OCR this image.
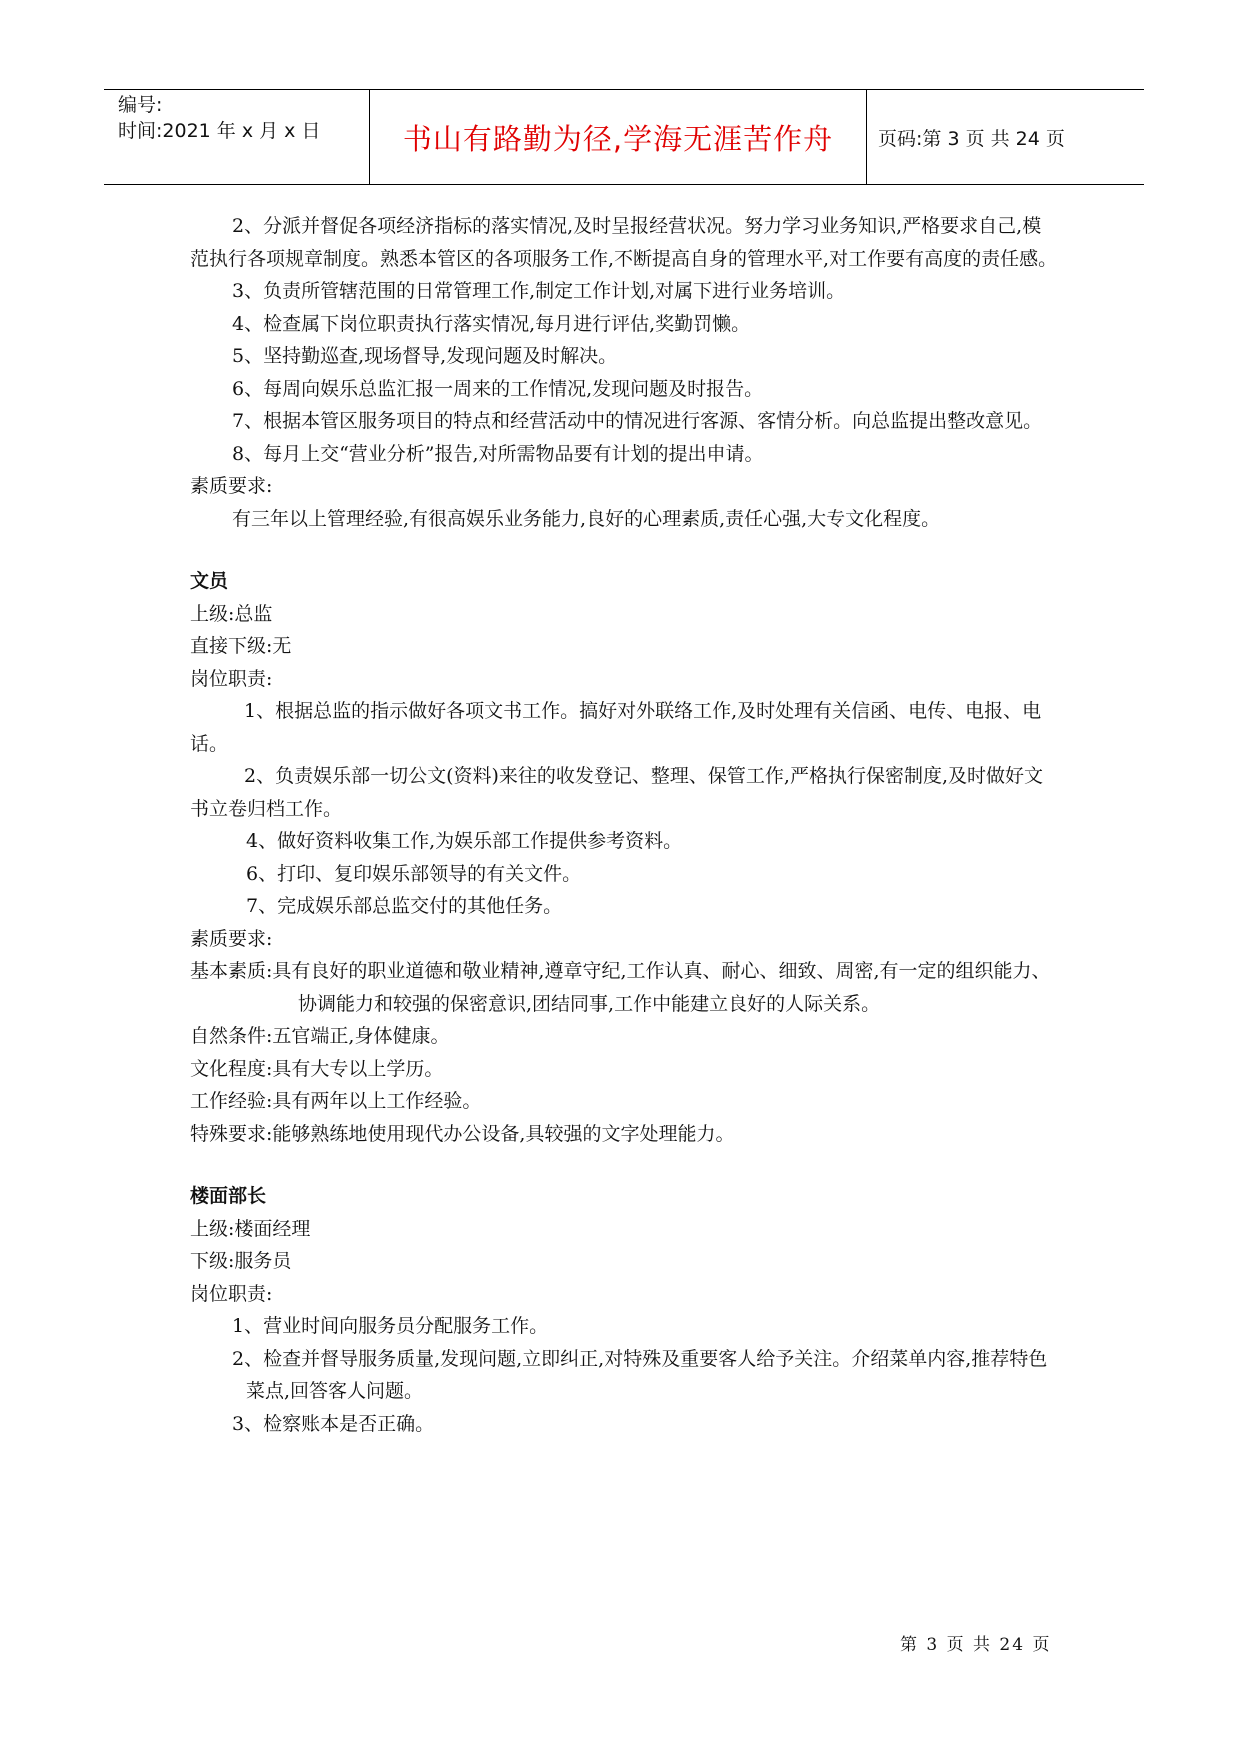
编号:
时间:2021 年 x 月 x 日	书山有路勤为径,学海无涯苦作舟	页码:第 3 页 共 24 页

2、分派并督促各项经济指标的落实情况,及时呈报经营状况。努力学习业务知识,严格要求自己,模范执行各项规章制度。熟悉本管区的各项服务工作,不断提高自身的管理水平,对工作要有高度的责任感。

3、负责所管辖范围的日常管理工作,制定工作计划,对属下进行业务培训。

4、检查属下岗位职责执行落实情况,每月进行评估,奖勤罚懒。

5、坚持勤巡查,现场督导,发现问题及时解决。

6、每周向娱乐总监汇报一周来的工作情况,发现问题及时报告。

7、根据本管区服务项目的特点和经营活动中的情况进行客源、客情分析。向总监提出整改意见。

8、每月上交“营业分析”报告,对所需物品要有计划的提出申请。

素质要求:

有三年以上管理经验,有很高娱乐业务能力,良好的心理素质,责任心强,大专文化程度。

文员

上级:总监

直接下级:无

岗位职责:

1、根据总监的指示做好各项文书工作。搞好对外联络工作,及时处理有关信函、电传、电报、电话。

2、负责娱乐部一切公文(资料)来往的收发登记、整理、保管工作,严格执行保密制度,及时做好文书立卷归档工作。

4、做好资料收集工作,为娱乐部工作提供参考资料。

6、打印、复印娱乐部领导的有关文件。

7、完成娱乐部总监交付的其他任务。

素质要求:

基本素质:具有良好的职业道德和敬业精神,遵章守纪,工作认真、耐心、细致、周密,有一定的组织能力、协调能力和较强的保密意识,团结同事,工作中能建立良好的人际关系。

自然条件:五官端正,身体健康。

文化程度:具有大专以上学历。

工作经验:具有两年以上工作经验。

特殊要求:能够熟练地使用现代办公设备,具较强的文字处理能力。

楼面部长

上级:楼面经理

下级:服务员

岗位职责:

1、营业时间向服务员分配服务工作。

2、检查并督导服务质量,发现问题,立即纠正,对特殊及重要客人给予关注。介绍菜单内容,推荐特色菜点,回答客人问题。

3、检察账本是否正确。

第 3 页 共 24 页
